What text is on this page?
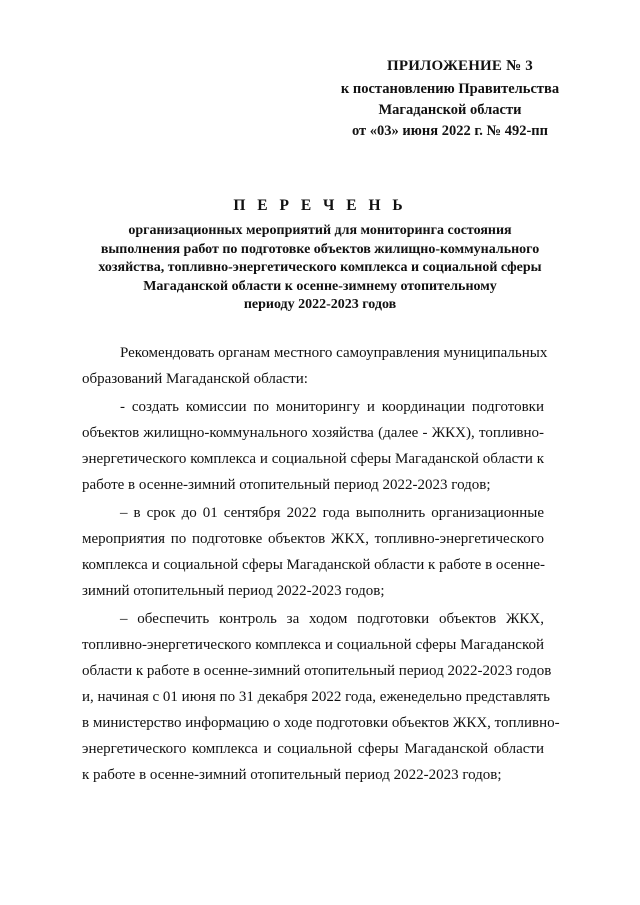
ПРИЛОЖЕНИЕ № 3
к постановлению Правительства
Магаданской области
от «03» июня 2022 г. № 492-пп
П Е Р Е Ч Е Н Ь
организационных мероприятий для мониторинга состояния
выполнения работ по подготовке объектов жилищно-коммунального
хозяйства, топливно-энергетического комплекса и социальной сферы
Магаданской области к осенне-зимнему отопительному
периоду 2022-2023 годов
Рекомендовать органам местного самоуправления муниципальных
образований Магаданской области:
- создать комиссии по мониторингу и координации подготовки
объектов жилищно-коммунального хозяйства (далее - ЖКХ), топливно-
энергетического комплекса и социальной сферы Магаданской области к
работе в осенне-зимний отопительный период 2022-2023 годов;
– в срок до 01 сентября 2022 года выполнить организационные
мероприятия по подготовке объектов ЖКХ, топливно-энергетического
комплекса и социальной сферы Магаданской области к работе в осенне-
зимний отопительный период 2022-2023 годов;
– обеспечить контроль за ходом подготовки объектов ЖКХ,
топливно-энергетического комплекса и социальной сферы Магаданской
области к работе в осенне-зимний отопительный период 2022-2023 годов
и, начиная с 01 июня по 31 декабря 2022 года, еженедельно представлять
в министерство информацию о ходе подготовки объектов ЖКХ, топливно-
энергетического комплекса и социальной сферы Магаданской области
к работе в осенне-зимний отопительный период 2022-2023 годов;
